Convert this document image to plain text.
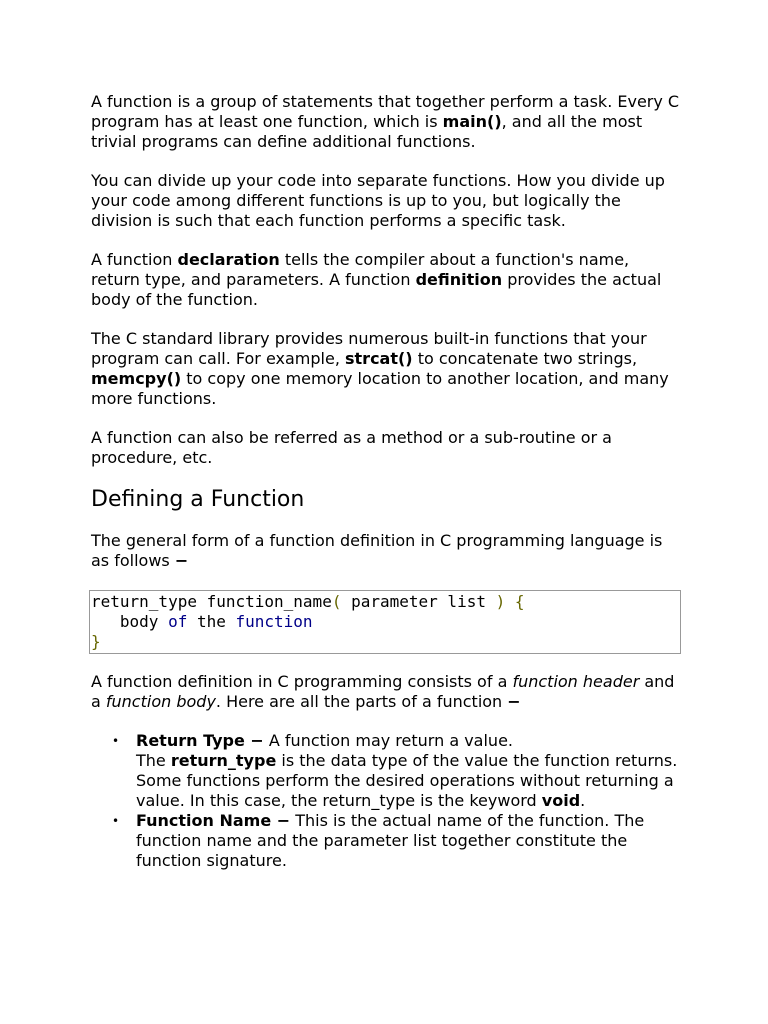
A function is a group of statements that together perform a task. Every C program has at least one function, which is main(), and all the most trivial programs can define additional functions.

You can divide up your code into separate functions. How you divide up your code among different functions is up to you, but logically the division is such that each function performs a specific task.

A function declaration tells the compiler about a function's name, return type, and parameters. A function definition provides the actual body of the function.

The C standard library provides numerous built-in functions that your program can call. For example, strcat() to concatenate two strings, memcpy() to copy one memory location to another location, and many more functions.

A function can also be referred as a method or a sub-routine or a procedure, etc.

Defining a Function

The general form of a function definition in C programming language is as follows −

return_type function_name( parameter list ) {
body of the function
}

A function definition in C programming consists of a function header and a function body. Here are all the parts of a function −

• Return Type − A function may return a value.
The return_type is the data type of the value the function returns. Some functions perform the desired operations without returning a value. In this case, the return_type is the keyword void.
• Function Name − This is the actual name of the function. The function name and the parameter list together constitute the function signature.
